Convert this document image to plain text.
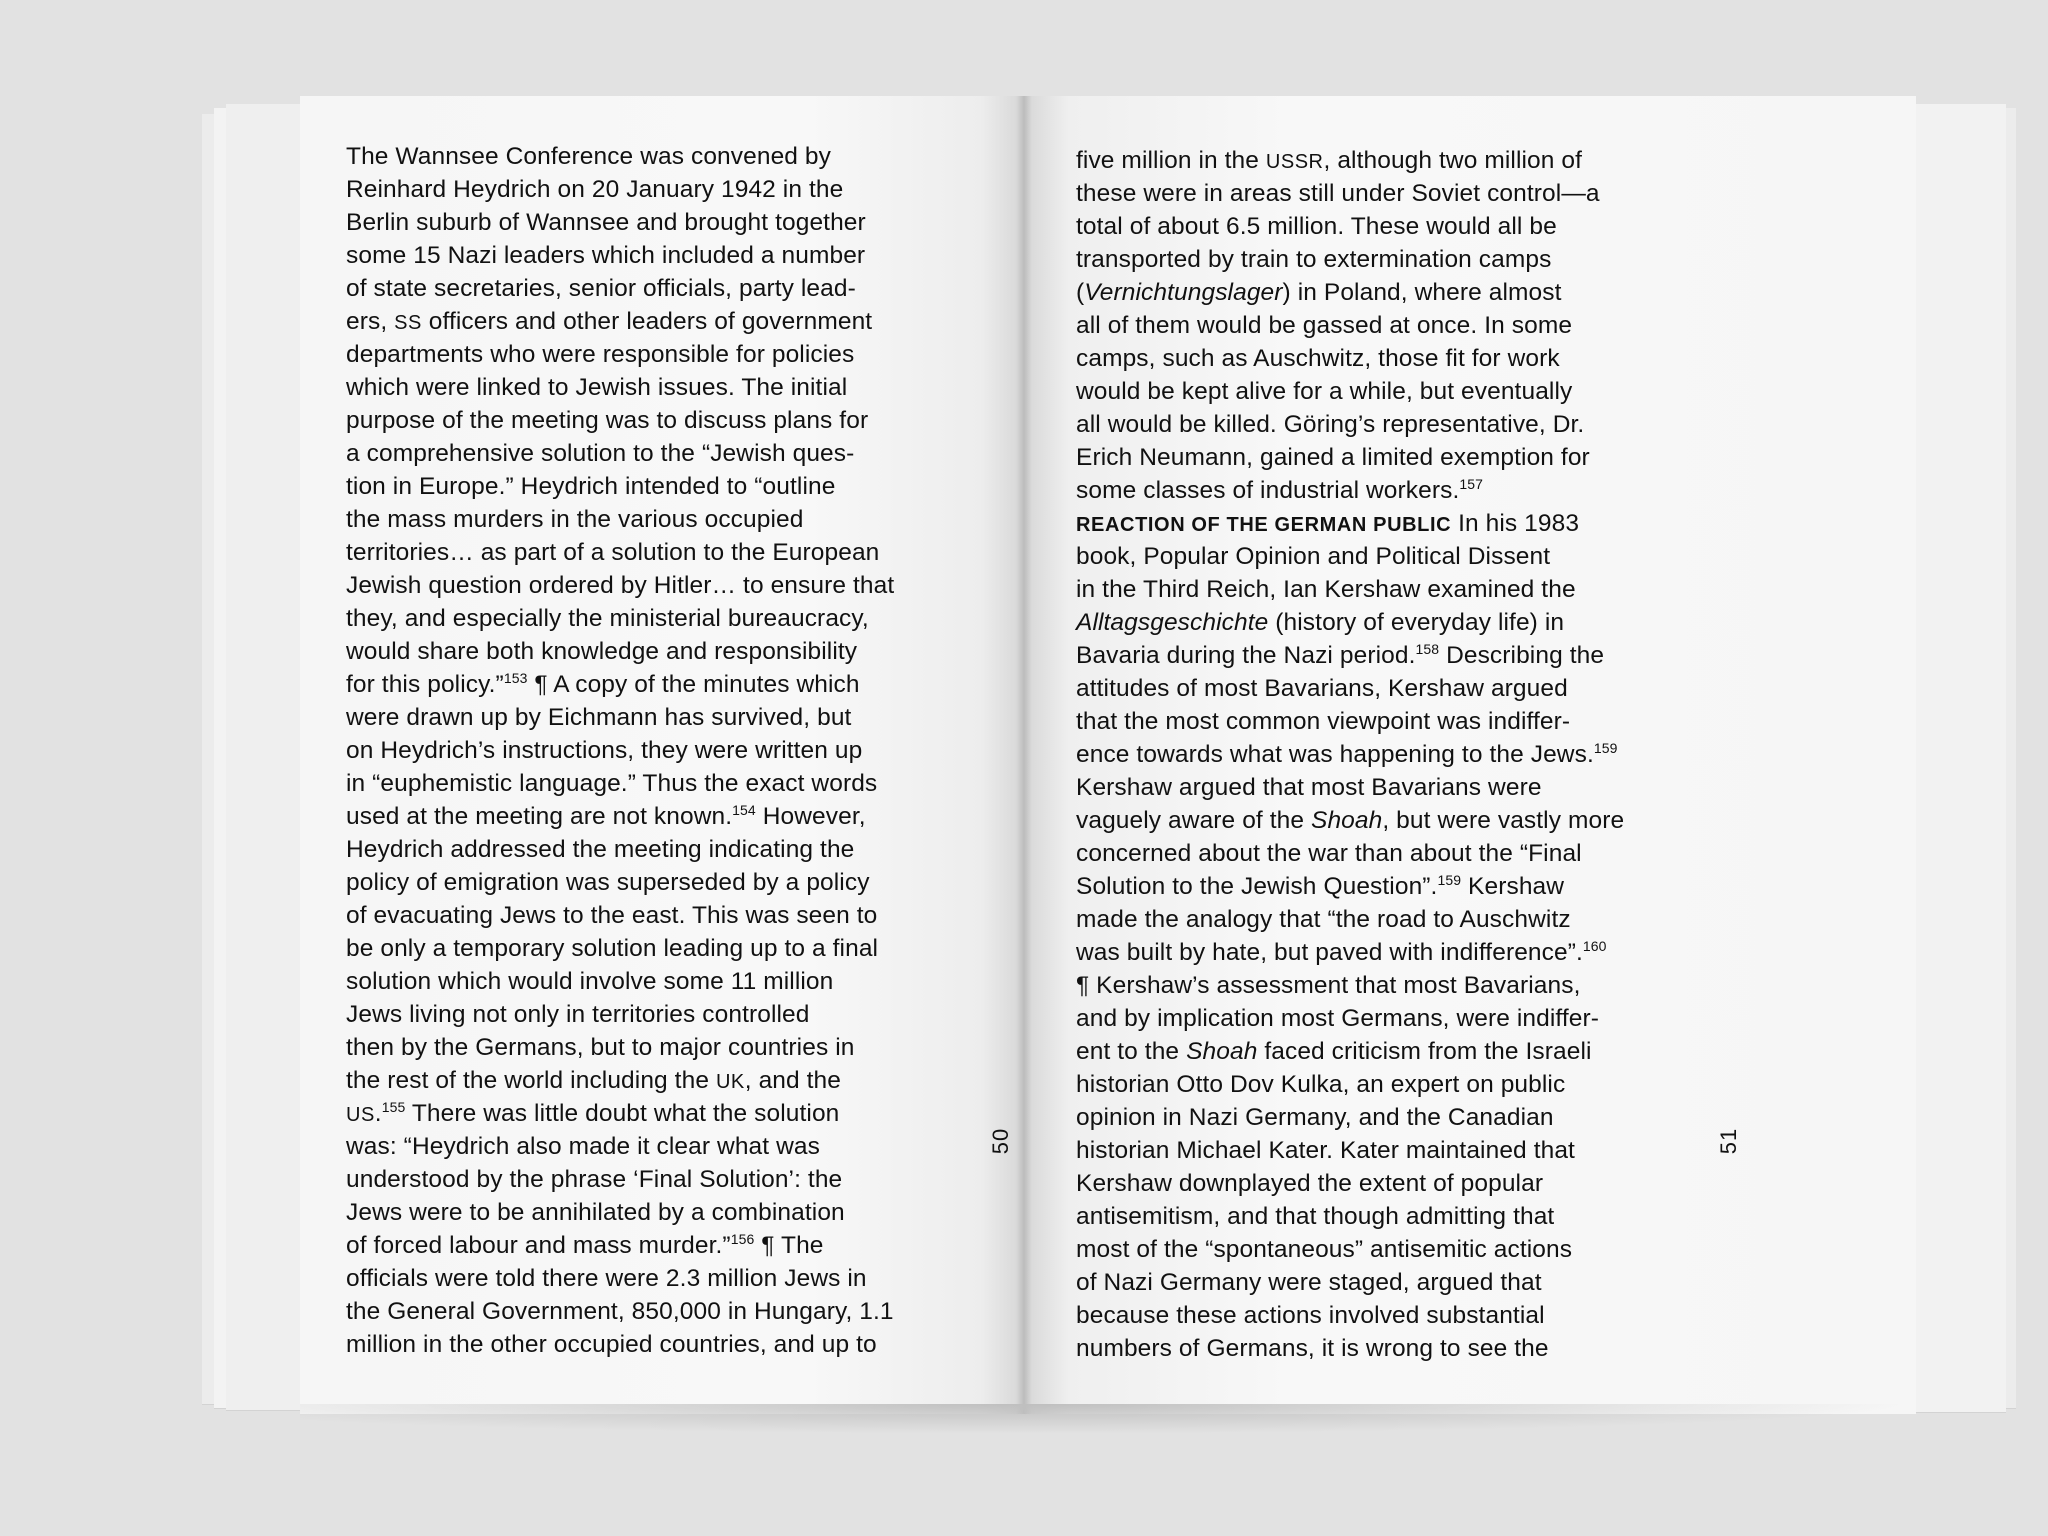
The Wannsee Conference was convened by
Reinhard Heydrich on 20 January 1942 in the
Berlin suburb of Wannsee and brought together
some 15 Nazi leaders which included a number
of state secretaries, senior officials, party lead-
ers, SS officers and other leaders of government
departments who were responsible for policies
which were linked to Jewish issues. The initial
purpose of the meeting was to discuss plans for
a comprehensive solution to the “Jewish ques-
tion in Europe.” Heydrich intended to “outline
the mass murders in the various occupied
territories… as part of a solution to the European
Jewish question ordered by Hitler… to ensure that
they, and especially the ministerial bureaucracy,
would share both knowledge and responsibility
for this policy.”$^{153}$ ¶ A copy of the minutes which
were drawn up by Eichmann has survived, but
on Heydrich’s instructions, they were written up
in “euphemistic language.” Thus the exact words
used at the meeting are not known.$^{154}$ However,
Heydrich addressed the meeting indicating the
policy of emigration was superseded by a policy
of evacuating Jews to the east. This was seen to
be only a temporary solution leading up to a final
solution which would involve some 11 million
Jews living not only in territories controlled
then by the Germans, but to major countries in
the rest of the world including the UK, and the
US.$^{155}$ There was little doubt what the solution
was: “Heydrich also made it clear what was
understood by the phrase ‘Final Solution’: the
Jews were to be annihilated by a combination
of forced labour and mass murder.”$^{156}$ ¶ The
officials were told there were 2.3 million Jews in
the General Government, 850,000 in Hungary, 1.1
million in the other occupied countries, and up to
50
five million in the USSR, although two million of
these were in areas still under Soviet control—a
total of about 6.5 million. These would all be
transported by train to extermination camps
(Vernichtungslager) in Poland, where almost
all of them would be gassed at once. In some
camps, such as Auschwitz, those fit for work
would be kept alive for a while, but eventually
all would be killed. Göring’s representative, Dr.
Erich Neumann, gained a limited exemption for
some classes of industrial workers.$^{157}$
REACTION OF THE GERMAN PUBLIC In his 1983
book, Popular Opinion and Political Dissent
in the Third Reich, Ian Kershaw examined the
Alltagsgeschichte (history of everyday life) in
Bavaria during the Nazi period.$^{158}$ Describing the
attitudes of most Bavarians, Kershaw argued
that the most common viewpoint was indiffer-
ence towards what was happening to the Jews.$^{159}$
Kershaw argued that most Bavarians were
vaguely aware of the Shoah, but were vastly more
concerned about the war than about the “Final
Solution to the Jewish Question”.$^{159}$ Kershaw
made the analogy that “the road to Auschwitz
was built by hate, but paved with indifference”.$^{160}$
¶ Kershaw’s assessment that most Bavarians,
and by implication most Germans, were indiffer-
ent to the Shoah faced criticism from the Israeli
historian Otto Dov Kulka, an expert on public
opinion in Nazi Germany, and the Canadian
historian Michael Kater. Kater maintained that
Kershaw downplayed the extent of popular
antisemitism, and that though admitting that
most of the “spontaneous” antisemitic actions
of Nazi Germany were staged, argued that
because these actions involved substantial
numbers of Germans, it is wrong to see the
51
